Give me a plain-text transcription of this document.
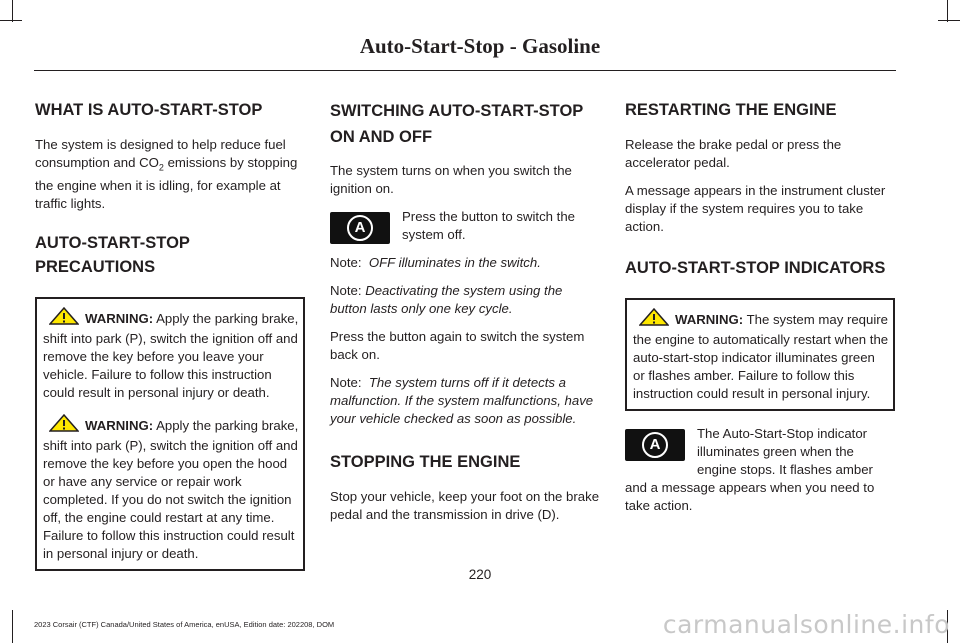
Auto-Start-Stop - Gasoline
WHAT IS AUTO-START-STOP

The system is designed to help reduce fuel consumption and $CO_2$ emissions by stopping the engine when it is idling, for example at traffic lights.

AUTO-START-STOP PRECAUTIONS
WARNING: Apply the parking brake, shift into park (P), switch the ignition off and remove the key before you leave your vehicle. Failure to follow this instruction could result in personal injury or death.
WARNING: Apply the parking brake, shift into park (P), switch the ignition off and remove the key before you open the hood or have any service or repair work completed. If you do not switch the ignition off, the engine could restart at any time. Failure to follow this instruction could result in personal injury or death.
SWITCHING AUTO-START-STOP ON AND OFF

The system turns on when you switch the ignition on.

A

Press the button to switch the system off.

Note: OFF illuminates in the switch.

Note: Deactivating the system using the button lasts only one key cycle.

Press the button again to switch the system back on.

Note: The system turns off if it detects a malfunction. If the system malfunctions, have your vehicle checked as soon as possible.

STOPPING THE ENGINE

Stop your vehicle, keep your foot on the brake pedal and the transmission in drive (D).

RESTARTING THE ENGINE

Release the brake pedal or press the accelerator pedal.

A message appears in the instrument cluster display if the system requires you to take action.

AUTO-START-STOP INDICATORS
WARNING: The system may require the engine to automatically restart when the auto-start-stop indicator illuminates green or flashes amber. Failure to follow this instruction could result in personal injury.
A

The Auto-Start-Stop indicator illuminates green when the engine stops. It flashes amber and a message appears when you need to take action.

220
2023 Corsair (CTF) Canada/United States of America, enUSA, Edition date: 202208, DOM	carmanualsonline.info
